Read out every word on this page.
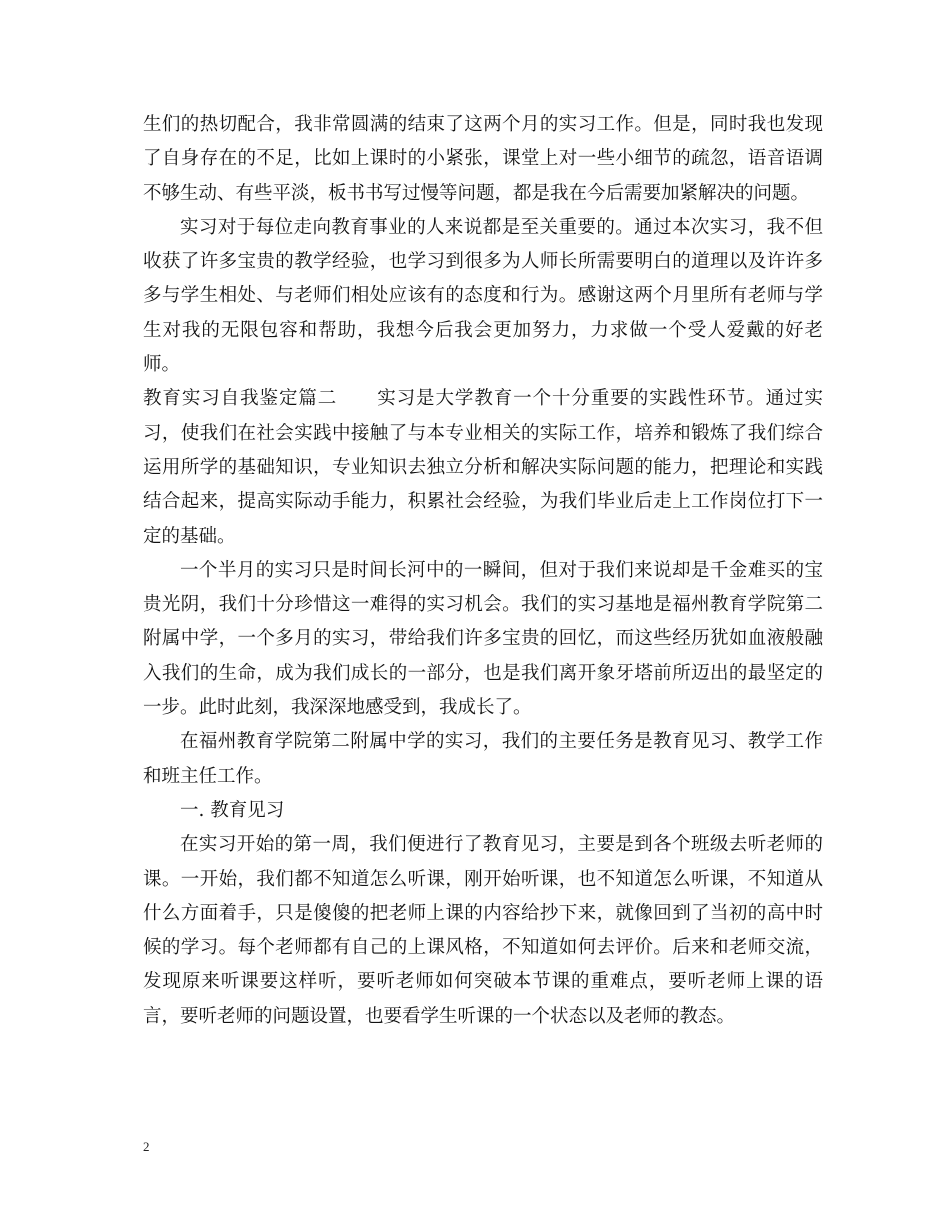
生们的热切配合，我非常圆满的结束了这两个月的实习工作。但是，同时我也发现了自身存在的不足，比如上课时的小紧张，课堂上对一些小细节的疏忽，语音语调不够生动、有些平淡，板书书写过慢等问题，都是我在今后需要加紧解决的问题。

实习对于每位走向教育事业的人来说都是至关重要的。通过本次实习，我不但收获了许多宝贵的教学经验，也学习到很多为人师长所需要明白的道理以及许许多多与学生相处、与老师们相处应该有的态度和行为。感谢这两个月里所有老师与学生对我的无限包容和帮助，我想今后我会更加努力，力求做一个受人爱戴的好老师。

教育实习自我鉴定篇二 实习是大学教育一个十分重要的实践性环节。通过实习，使我们在社会实践中接触了与本专业相关的实际工作，培养和锻炼了我们综合运用所学的基础知识，专业知识去独立分析和解决实际问题的能力，把理论和实践结合起来，提高实际动手能力，积累社会经验，为我们毕业后走上工作岗位打下一定的基础。

一个半月的实习只是时间长河中的一瞬间，但对于我们来说却是千金难买的宝贵光阴，我们十分珍惜这一难得的实习机会。我们的实习基地是福州教育学院第二附属中学，一个多月的实习，带给我们许多宝贵的回忆，而这些经历犹如血液般融入我们的生命，成为我们成长的一部分，也是我们离开象牙塔前所迈出的最坚定的一步。此时此刻，我深深地感受到，我成长了。

在福州教育学院第二附属中学的实习，我们的主要任务是教育见习、教学工作和班主任工作。

一. 教育见习

在实习开始的第一周，我们便进行了教育见习，主要是到各个班级去听老师的课。一开始，我们都不知道怎么听课，刚开始听课，也不知道怎么听课，不知道从什么方面着手，只是傻傻的把老师上课的内容给抄下来，就像回到了当初的高中时候的学习。每个老师都有自己的上课风格，不知道如何去评价。后来和老师交流，发现原来听课要这样听，要听老师如何突破本节课的重难点，要听老师上课的语言，要听老师的问题设置，也要看学生听课的一个状态以及老师的教态。

2
